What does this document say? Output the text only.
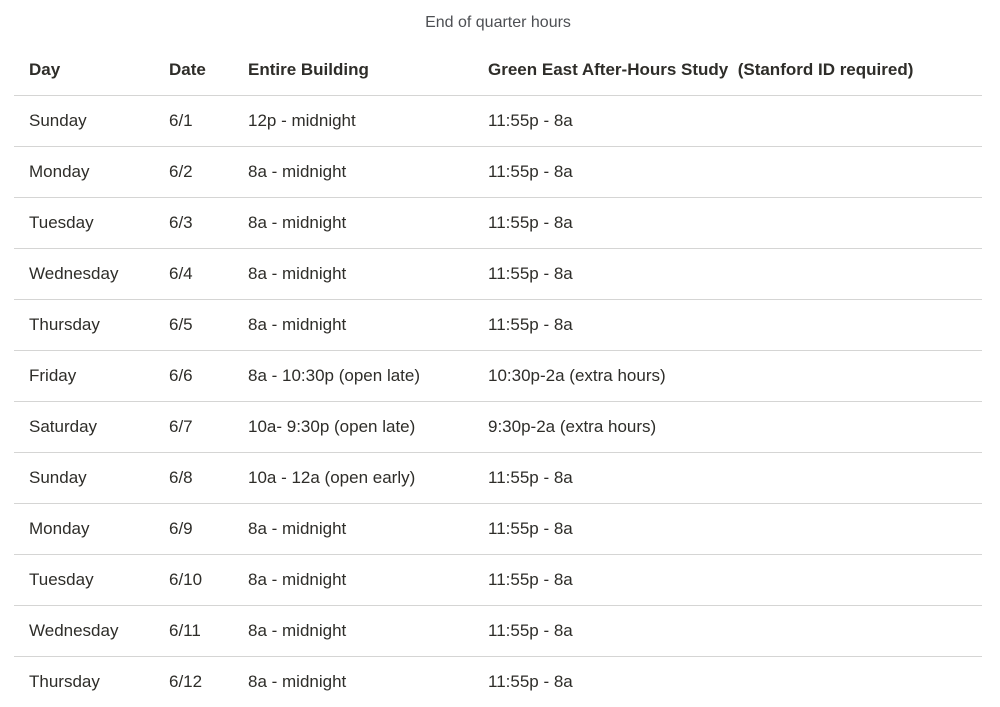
End of quarter hours
Day	Date	Entire Building	Green East After-Hours Study  (Stanford ID required)
Sunday	6/1	12p - midnight	11:55p - 8a
Monday	6/2	8a - midnight	11:55p - 8a
Tuesday	6/3	8a - midnight	11:55p - 8a
Wednesday	6/4	8a - midnight	11:55p - 8a
Thursday	6/5	8a - midnight	11:55p - 8a
Friday	6/6	8a - 10:30p (open late)	10:30p-2a (extra hours)
Saturday	6/7	10a- 9:30p (open late)	9:30p-2a (extra hours)
Sunday	6/8	10a - 12a (open early)	11:55p - 8a
Monday	6/9	8a - midnight	11:55p - 8a
Tuesday	6/10	8a - midnight	11:55p - 8a
Wednesday	6/11	8a - midnight	11:55p - 8a
Thursday	6/12	8a - midnight	11:55p - 8a
